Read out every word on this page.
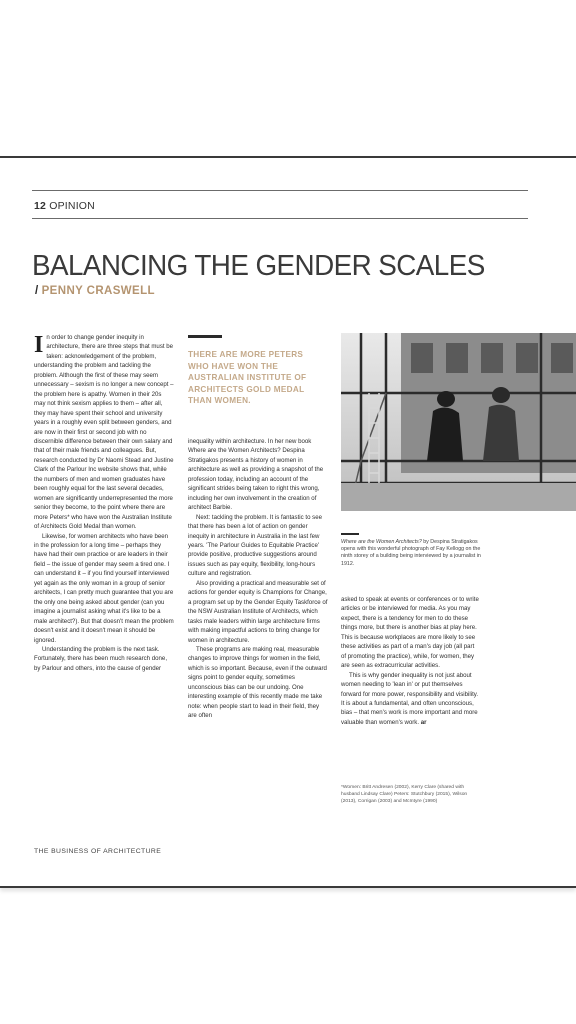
12 OPINION
BALANCING THE GENDER SCALES
/ PENNY CRASWELL

In order to change gender inequity in architecture, there are three steps that must be taken: acknowledgement of the problem, understanding the problem and tackling the problem. Although the first of these may seem unnecessary – sexism is no longer a new concept – the problem here is apathy. Women in their 20s may not think sexism applies to them – after all, they may have spent their school and university years in a roughly even split between genders, and are now in their first or second job with no discernible difference between their own salary and that of their male friends and colleagues. But, research conducted by Dr Naomi Stead and Justine Clark of the Parlour Inc website shows that, while the numbers of men and women graduates have been roughly equal for the last several decades, women are significantly underrepresented the more senior they become, to the point where there are more Peters* who have won the Australian Institute of Architects Gold Medal than women.

Likewise, for women architects who have been in the profession for a long time – perhaps they have had their own practice or are leaders in their field – the issue of gender may seem a tired one. I can understand it – if you find yourself interviewed yet again as the only woman in a group of senior architects, I can pretty much guarantee that you are the only one being asked about gender (can you imagine a journalist asking what it's like to be a male architect?). But that doesn't mean the problem doesn't exist and it doesn't mean it should be ignored.

Understanding the problem is the next task. Fortunately, there has been much research done, by Parlour and others, into the cause of gender

THERE ARE MORE PETERS WHO HAVE WON THE AUSTRALIAN INSTITUTE OF ARCHITECTS GOLD MEDAL THAN WOMEN.

inequality within architecture. In her new book Where are the Women Architects? Despina Stratigakos presents a history of women in architecture as well as providing a snapshot of the profession today, including an account of the significant strides being taken to right this wrong, including her own involvement in the creation of architect Barbie.

Next: tackling the problem. It is fantastic to see that there has been a lot of action on gender inequity in architecture in Australia in the last few years. 'The Parlour Guides to Equitable Practice' provide positive, productive suggestions around issues such as pay equity, flexibility, long-hours culture and registration.

Also providing a practical and measurable set of actions for gender equity is Champions for Change, a program set up by the Gender Equity Taskforce of the NSW Australian Institute of Architects, which tasks male leaders within large architecture firms with making impactful actions to bring change for women in architecture.

These programs are making real, measurable changes to improve things for women in the field, which is so important. Because, even if the outward signs point to gender equity, sometimes unconscious bias can be our undoing. One interesting example of this recently made me take note: when people start to lead in their field, they are often

Where are the Women Architects? by Despina Stratigakos opens with this wonderful photograph of Fay Kellogg on the ninth storey of a building being interviewed by a journalist in 1912.

asked to speak at events or conferences or to write articles or be interviewed for media. As you may expect, there is a tendency for men to do these things more, but there is another bias at play here. This is because workplaces are more likely to see these activities as part of a man's day job (all part of promoting the practice), while, for women, they are seen as extracurricular activities.

This is why gender inequality is not just about women needing to 'lean in' or put themselves forward for more power, responsibility and visibility. It is about a fundamental, and often unconscious, bias – that men's work is more important and more valuable than women's work. ar

*Women: Britt Andresen (2002), Kerry Clare (shared with husband Lindsay Clare) Peters: Stutchbury (2015), Wilson (2013), Corrigan (2003) and McIntyre (1990)
THE BUSINESS OF ARCHITECTURE
